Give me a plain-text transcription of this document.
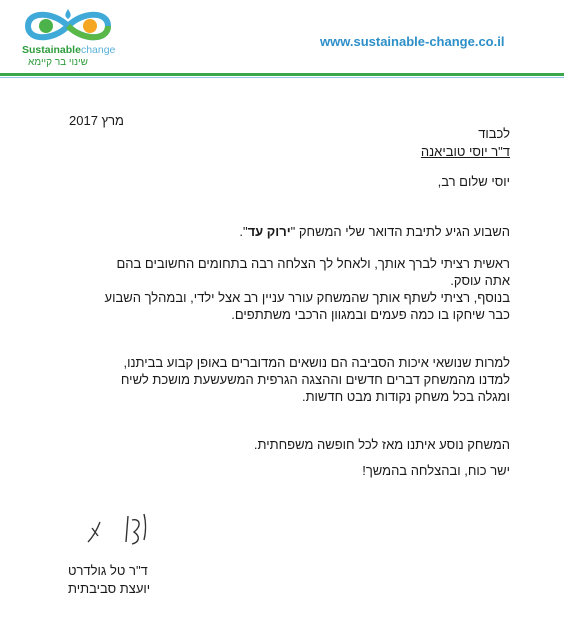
Sustainablechange
שינוי בר קיימא
www.sustainable-change.co.il
מרץ 2017
לכבוד
ד"ר יוסי טוביאנה
יוסי שלום רב,
השבוע הגיע לתיבת הדואר שלי המשחק "ירוק עד".
ראשית רציתי לברך אותך, ולאחל לך הצלחה רבה בתחומים החשובים בהם
אתה עוסק.
בנוסף, רציתי לשתף אותך שהמשחק עורר עניין רב אצל ילדי, ובמהלך השבוע
כבר שיחקו בו כמה פעמים ובמגוון הרכבי משתתפים.
למרות שנושאי איכות הסביבה הם נושאים המדוברים באופן קבוע בביתנו,
למדנו מהמשחק דברים חדשים וההצגה הגרפית המשעשעת מושכת לשיח
ומגלה בכל משחק נקודות מבט חדשות.
המשחק נוסע איתנו מאז לכל חופשה משפחתית.
ישר כוח, ובהצלחה בהמשך!
ד"ר טל גולדרט
יועצת סביבתית
